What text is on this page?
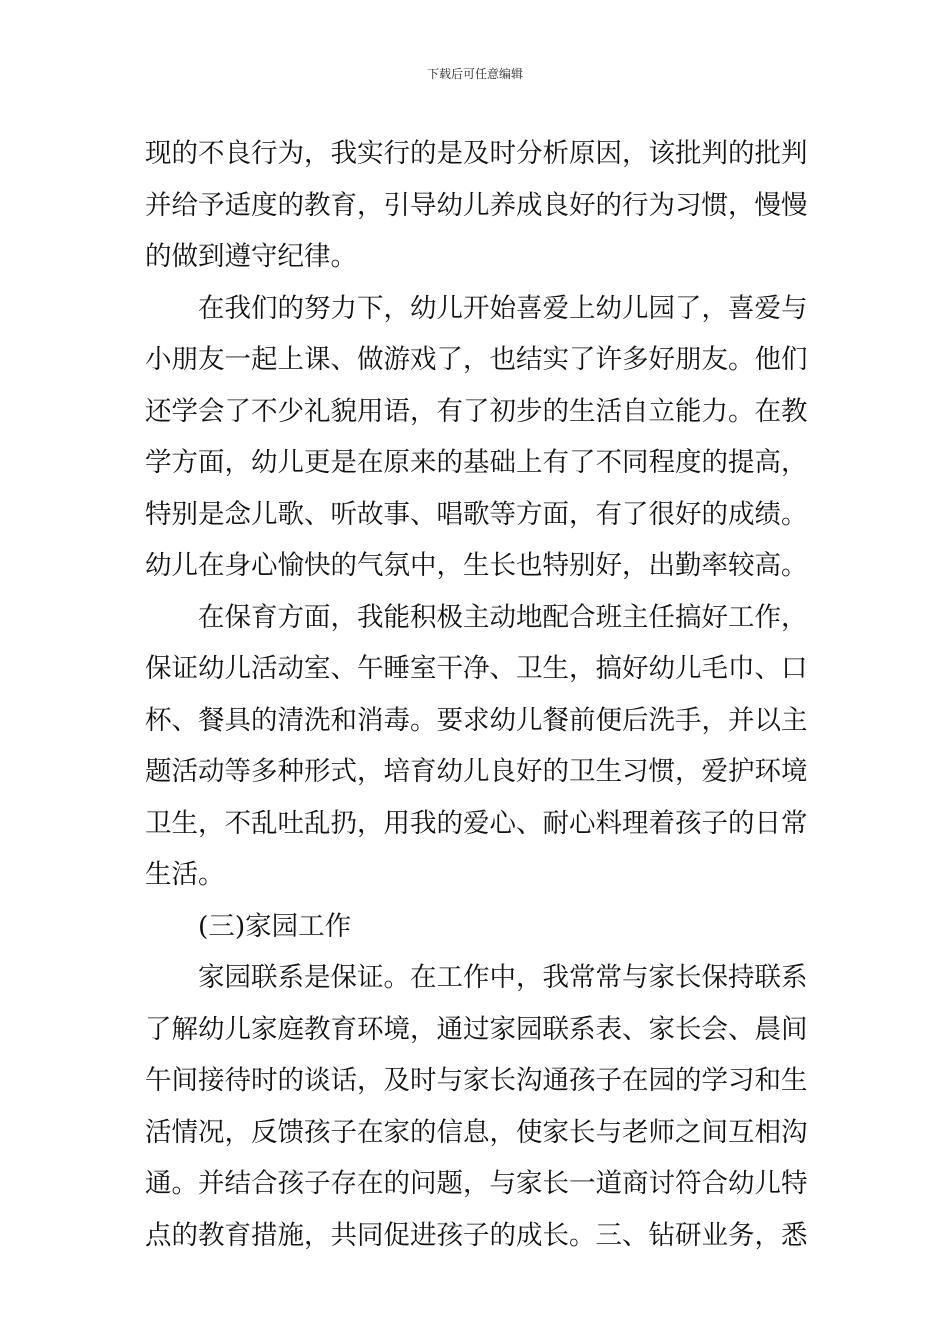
下载后可任意编辑
现的不良行为，我实行的是及时分析原因，该批判的批判
并给予适度的教育，引导幼儿养成良好的行为习惯，慢慢
的做到遵守纪律。
在我们的努力下，幼儿开始喜爱上幼儿园了，喜爱与
小朋友一起上课、做游戏了，也结实了许多好朋友。他们
还学会了不少礼貌用语，有了初步的生活自立能力。在教
学方面，幼儿更是在原来的基础上有了不同程度的提高，
特别是念儿歌、听故事、唱歌等方面，有了很好的成绩。
幼儿在身心愉快的气氛中，生长也特别好，出勤率较高。
在保育方面，我能积极主动地配合班主任搞好工作，
保证幼儿活动室、午睡室干净、卫生，搞好幼儿毛巾、口
杯、餐具的清洗和消毒。要求幼儿餐前便后洗手，并以主
题活动等多种形式，培育幼儿良好的卫生习惯，爱护环境
卫生，不乱吐乱扔，用我的爱心、耐心料理着孩子的日常
生活。
(三)家园工作
家园联系是保证。在工作中，我常常与家长保持联系
了解幼儿家庭教育环境，通过家园联系表、家长会、晨间
午间接待时的谈话，及时与家长沟通孩子在园的学习和生
活情况，反馈孩子在家的信息，使家长与老师之间互相沟
通。并结合孩子存在的问题，与家长一道商讨符合幼儿特
点的教育措施，共同促进孩子的成长。三、钻研业务，悉
